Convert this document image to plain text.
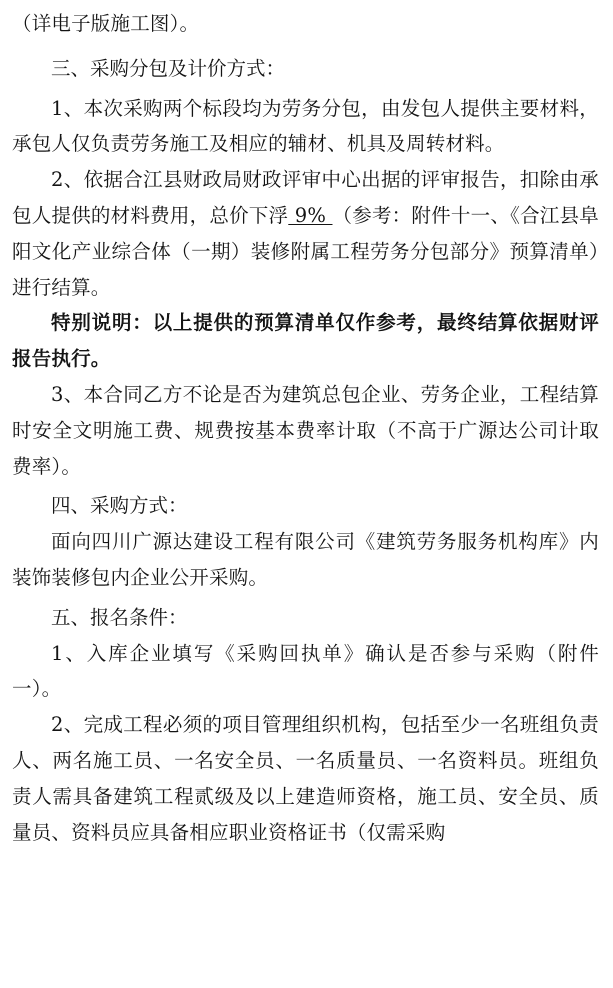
（详电子版施工图）。

三、采购分包及计价方式：

1、本次采购两个标段均为劳务分包，由发包人提供主要材料，承包人仅负责劳务施工及相应的辅材、机具及周转材料。

2、依据合江县财政局财政评审中心出据的评审报告，扣除由承包人提供的材料费用，总价下浮 9% （参考：附件十一、《合江县阜阳文化产业综合体（一期）装修附属工程劳务分包部分》预算清单）进行结算。

特别说明：以上提供的预算清单仅作参考，最终结算依据财评报告执行。

3、本合同乙方不论是否为建筑总包企业、劳务企业，工程结算时安全文明施工费、规费按基本费率计取（不高于广源达公司计取费率）。

四、采购方式：

面向四川广源达建设工程有限公司《建筑劳务服务机构库》内装饰装修包内企业公开采购。

五、报名条件：

1、入库企业填写《采购回执单》确认是否参与采购（附件一）。

2、完成工程必须的项目管理组织机构，包括至少一名班组负责人、两名施工员、一名安全员、一名质量员、一名资料员。班组负责人需具备建筑工程贰级及以上建造师资格，施工员、安全员、质量员、资料员应具备相应职业资格证书（仅需采购
